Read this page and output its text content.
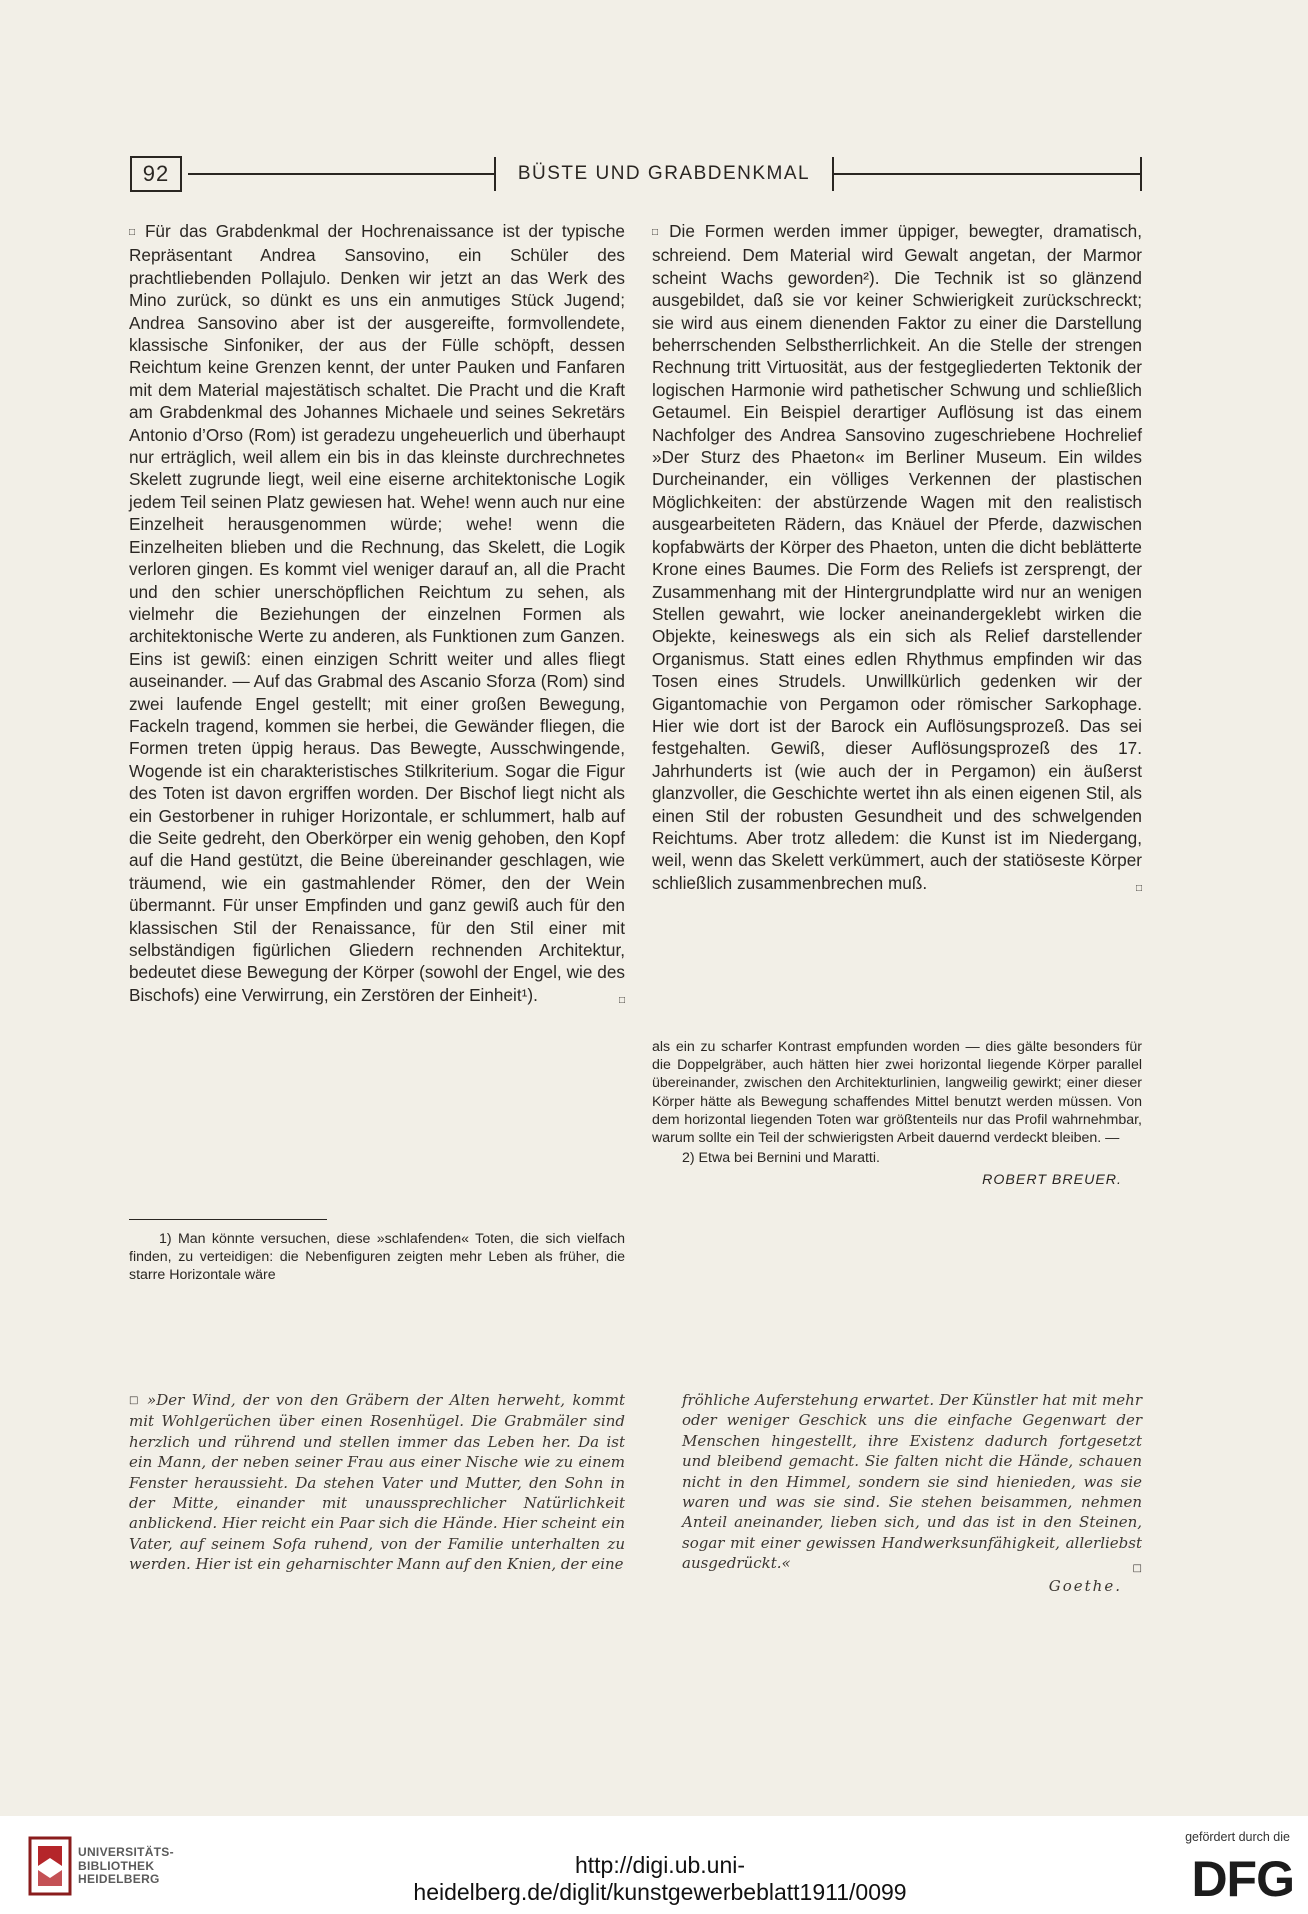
92	BÜSTE UND GRABDENKMAL

□ Für das Grabdenkmal der Hochrenaissance ist der typische Repräsentant Andrea Sansovino, ein Schüler des prachtliebenden Pollajulo. Denken wir jetzt an das Werk des Mino zurück, so dünkt es uns ein anmutiges Stück Jugend; Andrea Sansovino aber ist der ausgereifte, formvollendete, klassische Sinfoniker, der aus der Fülle schöpft, dessen Reichtum keine Grenzen kennt, der unter Pauken und Fanfaren mit dem Material majestätisch schaltet. Die Pracht und die Kraft am Grabdenkmal des Johannes Michaele und seines Sekretärs Antonio d’Orso (Rom) ist geradezu ungeheuerlich und überhaupt nur erträglich, weil allem ein bis in das kleinste durchrechnetes Skelett zugrunde liegt, weil eine eiserne architektonische Logik jedem Teil seinen Platz gewiesen hat. Wehe! wenn auch nur eine Einzelheit herausgenommen würde; wehe! wenn die Einzelheiten blieben und die Rechnung, das Skelett, die Logik verloren gingen. Es kommt viel weniger darauf an, all die Pracht und den schier unerschöpflichen Reichtum zu sehen, als vielmehr die Beziehungen der einzelnen Formen als architektonische Werte zu anderen, als Funktionen zum Ganzen. Eins ist gewiß: einen einzigen Schritt weiter und alles fliegt auseinander. — Auf das Grabmal des Ascanio Sforza (Rom) sind zwei laufende Engel gestellt; mit einer großen Bewegung, Fackeln tragend, kommen sie herbei, die Gewänder fliegen, die Formen treten üppig heraus. Das Bewegte, Ausschwingende, Wogende ist ein charakteristisches Stilkriterium. Sogar die Figur des Toten ist davon ergriffen worden. Der Bischof liegt nicht als ein Gestorbener in ruhiger Horizontale, er schlummert, halb auf die Seite gedreht, den Oberkörper ein wenig gehoben, den Kopf auf die Hand gestützt, die Beine übereinander geschlagen, wie träumend, wie ein gastmahlender Römer, den der Wein übermannt. Für unser Empfinden und ganz gewiß auch für den klassischen Stil der Renaissance, für den Stil einer mit selbständigen figürlichen Gliedern rechnenden Architektur, bedeutet diese Bewegung der Körper (sowohl der Engel, wie des Bischofs) eine Verwirrung, ein Zerstören der Einheit¹).	□

1) Man könnte versuchen, diese »schlafenden« Toten, die sich vielfach finden, zu verteidigen: die Nebenfiguren zeigten mehr Leben als früher, die starre Horizontale wäre

□ Die Formen werden immer üppiger, bewegter, dramatisch, schreiend. Dem Material wird Gewalt angetan, der Marmor scheint Wachs geworden²). Die Technik ist so glänzend ausgebildet, daß sie vor keiner Schwierigkeit zurückschreckt; sie wird aus einem dienenden Faktor zu einer die Darstellung beherrschenden Selbstherrlichkeit. An die Stelle der strengen Rechnung tritt Virtuosität, aus der festgegliederten Tektonik der logischen Harmonie wird pathetischer Schwung und schließlich Getaumel. Ein Beispiel derartiger Auflösung ist das einem Nachfolger des Andrea Sansovino zugeschriebene Hochrelief »Der Sturz des Phaeton« im Berliner Museum. Ein wildes Durcheinander, ein völliges Verkennen der plastischen Möglichkeiten: der abstürzende Wagen mit den realistisch ausgearbeiteten Rädern, das Knäuel der Pferde, dazwischen kopfabwärts der Körper des Phaeton, unten die dicht beblätterte Krone eines Baumes. Die Form des Reliefs ist zersprengt, der Zusammenhang mit der Hintergrundplatte wird nur an wenigen Stellen gewahrt, wie locker aneinandergeklebt wirken die Objekte, keineswegs als ein sich als Relief darstellender Organismus. Statt eines edlen Rhythmus empfinden wir das Tosen eines Strudels. Unwillkürlich gedenken wir der Gigantomachie von Pergamon oder römischer Sarkophage. Hier wie dort ist der Barock ein Auflösungsprozeß. Das sei festgehalten. Gewiß, dieser Auflösungsprozeß des 17. Jahrhunderts ist (wie auch der in Pergamon) ein äußerst glanzvoller, die Geschichte wertet ihn als einen eigenen Stil, als einen Stil der robusten Gesundheit und des schwelgenden Reichtums. Aber trotz alledem: die Kunst ist im Niedergang, weil, wenn das Skelett verkümmert, auch der statiöseste Körper schließlich zusammenbrechen muß.	□

als ein zu scharfer Kontrast empfunden worden — dies gälte besonders für die Doppelgräber, auch hätten hier zwei horizontal liegende Körper parallel übereinander, zwischen den Architekturlinien, langweilig gewirkt; einer dieser Körper hätte als Bewegung schaffendes Mittel benutzt werden müssen. Von dem horizontal liegenden Toten war größtenteils nur das Profil wahrnehmbar, warum sollte ein Teil der schwierigsten Arbeit dauernd verdeckt bleiben. —
2) Etwa bei Bernini und Maratti.
ROBERT BREUER.
□ »Der Wind, der von den Gräbern der Alten herweht, kommt mit Wohlgerüchen über einen Rosenhügel. Die Grabmäler sind herzlich und rührend und stellen immer das Leben her. Da ist ein Mann, der neben seiner Frau aus einer Nische wie zu einem Fenster heraussieht. Da stehen Vater und Mutter, den Sohn in der Mitte, einander mit unaussprechlicher Natürlichkeit anblickend. Hier reicht ein Paar sich die Hände. Hier scheint ein Vater, auf seinem Sofa ruhend, von der Familie unterhalten zu werden. Hier ist ein geharnischter Mann auf den Knien, der eine
fröhliche Auferstehung erwartet. Der Künstler hat mit mehr oder weniger Geschick uns die einfache Gegenwart der Menschen hingestellt, ihre Existenz dadurch fortgesetzt und bleibend gemacht. Sie falten nicht die Hände, schauen nicht in den Himmel, sondern sie sind hienieden, was sie waren und was sie sind. Sie stehen beisammen, nehmen Anteil aneinander, lieben sich, und das ist in den Steinen, sogar mit einer gewissen Handwerksunfähigkeit, allerliebst ausgedrückt.«	□
Goethe.
UNIVERSITÄTS-
BIBLIOTHEK
HEIDELBERG
http://digi.ub.uni-heidelberg.de/diglit/kunstgewerbeblatt1911/0099
gefördert durch die
DFG
